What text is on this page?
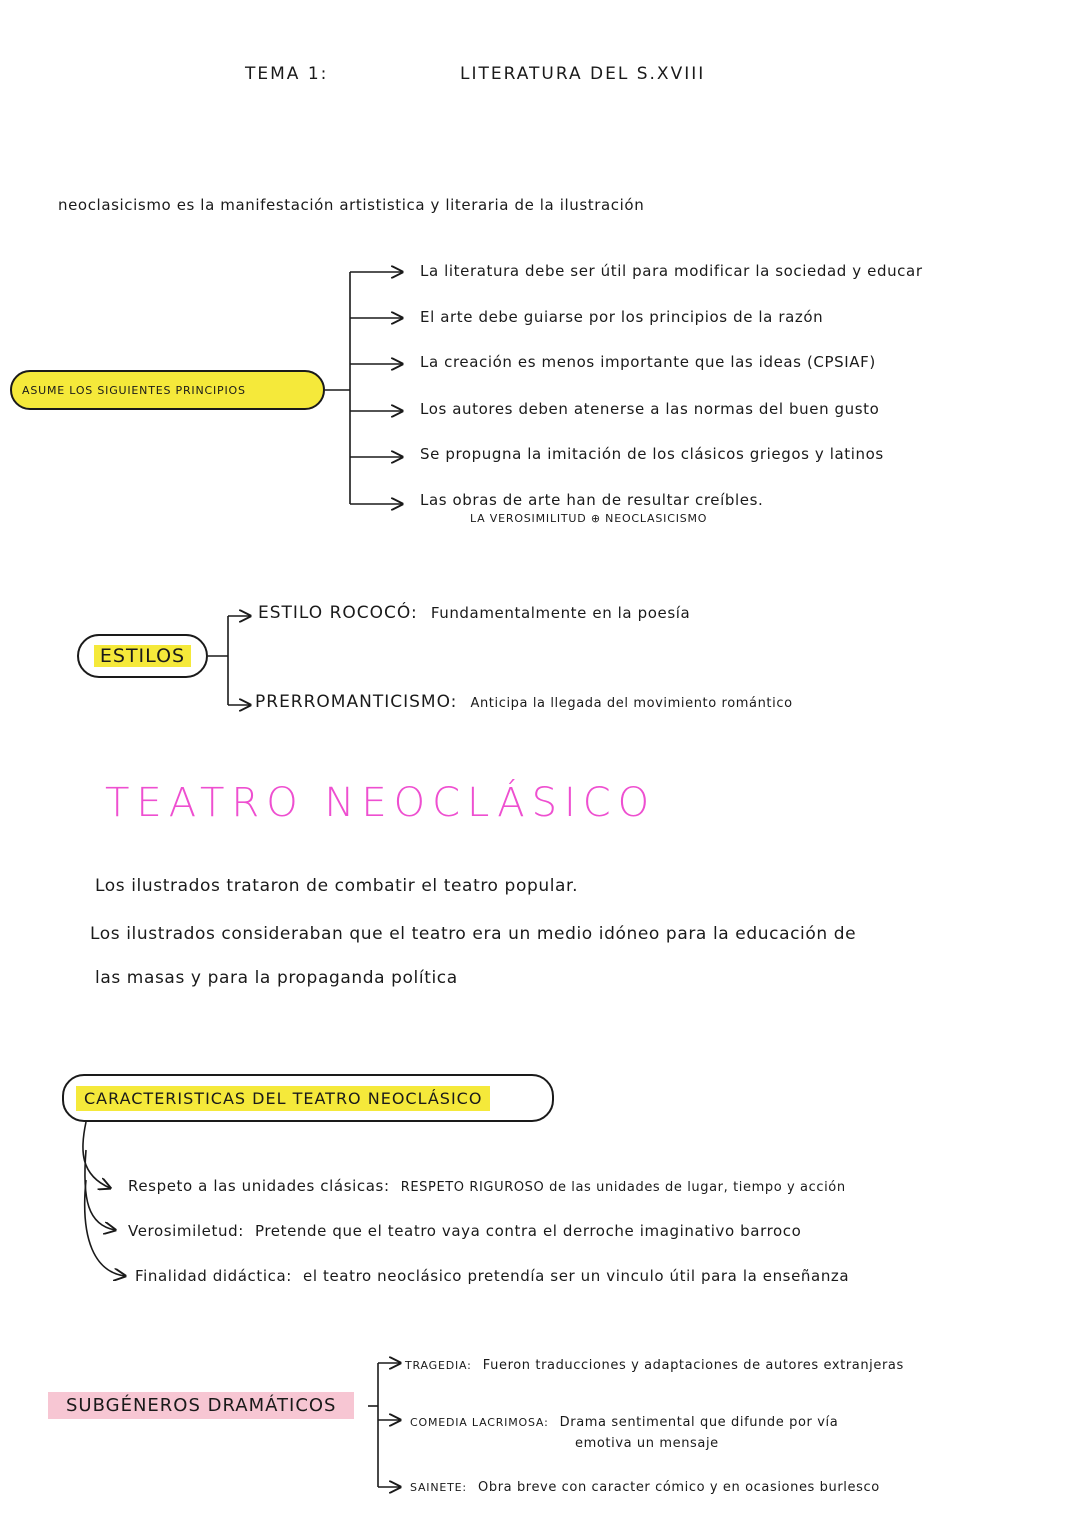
TEMA 1:	LITERATURA DEL S.XVIII
neoclasicismo es la manifestación artististica y literaria de la ilustración
ASUME LOS SIGUIENTES PRINCIPIOS
La literatura debe ser útil para modificar la sociedad y educar
El arte debe guiarse por los principios de la razón
La creación es menos importante que las ideas (CPSIAF)
Los autores deben atenerse a las normas del buen gusto
Se propugna la imitación de los clásicos griegos y latinos
Las obras de arte han de resultar creíbles.
LA VEROSIMILITUD ⊕ NEOCLASICISMO
ESTILOS
ESTILO ROCOCÓ: Fundamentalmente en la poesía
PRERROMANTICISMO: Anticipa la llegada del movimiento romántico
TEATRO NEOCLÁSICO
Los ilustrados trataron de combatir el teatro popular.
Los ilustrados consideraban que el teatro era un medio idóneo para la educación de
las masas y para la propaganda política
CARACTERISTICAS DEL TEATRO NEOCLÁSICO
Respeto a las unidades clásicas: RESPETO RIGUROSO de las unidades de lugar, tiempo y acción
Verosimiletud: Pretende que el teatro vaya contra el derroche imaginativo barroco
Finalidad didáctica: el teatro neoclásico pretendía ser un vinculo útil para la enseñanza
SUBGÉNEROS DRAMÁTICOS
TRAGEDIA: Fueron traducciones y adaptaciones de autores extranjeras
COMEDIA LACRIMOSA: Drama sentimental que difunde por vía
emotiva un mensaje
SAINETE: Obra breve con caracter cómico y en ocasiones burlesco
